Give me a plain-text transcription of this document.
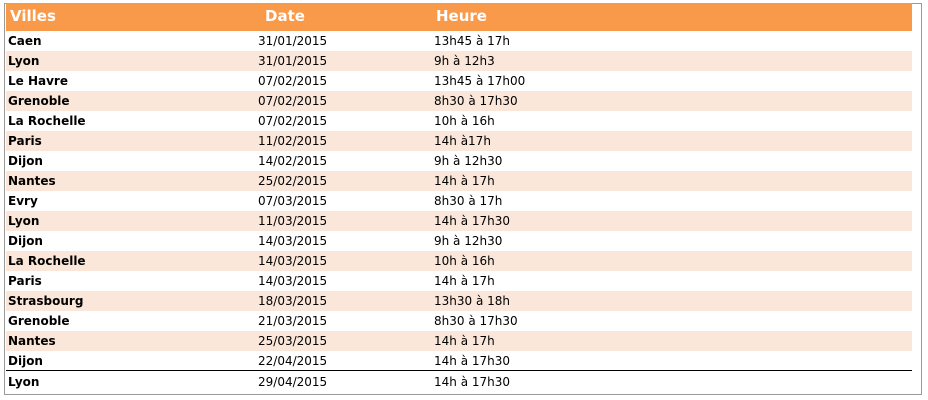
Villes	Date	Heure
Caen	31/01/2015	13h45 à 17h
Lyon	31/01/2015	9h à 12h3
Le Havre	07/02/2015	13h45 à 17h00
Grenoble	07/02/2015	8h30 à 17h30
La Rochelle	07/02/2015	10h à 16h
Paris	11/02/2015	14h à17h
Dijon	14/02/2015	9h à 12h30
Nantes	25/02/2015	14h à 17h
Evry	07/03/2015	8h30 à 17h
Lyon	11/03/2015	14h à 17h30
Dijon	14/03/2015	9h à 12h30
La Rochelle	14/03/2015	10h à 16h
Paris	14/03/2015	14h à 17h
Strasbourg	18/03/2015	13h30 à 18h
Grenoble	21/03/2015	8h30 à 17h30
Nantes	25/03/2015	14h à 17h
Dijon	22/04/2015	14h à 17h30
Lyon	29/04/2015	14h à 17h30
